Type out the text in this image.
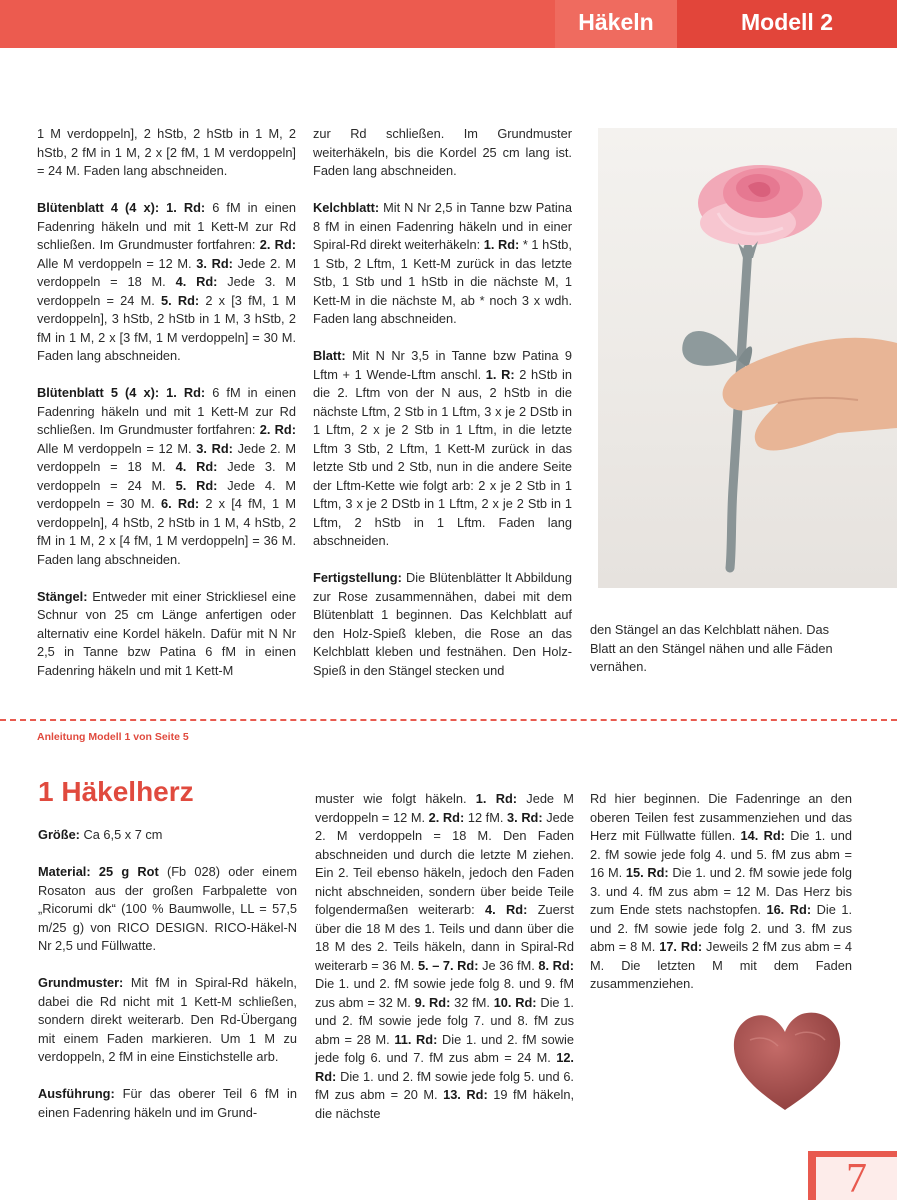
Häkeln	Modell 2

1 M verdoppeln], 2 hStb, 2 hStb in 1 M, 2 hStb, 2 fM in 1 M, 2 x [2 fM, 1 M verdoppeln] = 24 M. Faden lang abschneiden.

Blütenblatt 4 (4 x): 1. Rd: 6 fM in einen Fadenring häkeln und mit 1 Kett-M zur Rd schließen. Im Grundmuster fortfahren: 2. Rd: Alle M verdoppeln = 12 M. 3. Rd: Jede 2. M verdoppeln = 18 M. 4. Rd: Jede 3. M verdoppeln = 24 M. 5. Rd: 2 x [3 fM, 1 M verdoppeln], 3 hStb, 2 hStb in 1 M, 3 hStb, 2 fM in 1 M, 2 x [3 fM, 1 M verdoppeln] = 30 M. Faden lang abschneiden.

Blütenblatt 5 (4 x): 1. Rd: 6 fM in einen Fadenring häkeln und mit 1 Kett-M zur Rd schließen. Im Grundmuster fortfahren: 2. Rd: Alle M verdoppeln = 12 M. 3. Rd: Jede 2. M verdoppeln = 18 M. 4. Rd: Jede 3. M verdoppeln = 24 M. 5. Rd: Jede 4. M verdoppeln = 30 M. 6. Rd: 2 x [4 fM, 1 M verdoppeln], 4 hStb, 2 hStb in 1 M, 4 hStb, 2 fM in 1 M, 2 x [4 fM, 1 M verdoppeln] = 36 M. Faden lang abschneiden.

Stängel: Entweder mit einer Strickliesel eine Schnur von 25 cm Länge anfertigen oder alternativ eine Kordel häkeln. Dafür mit N Nr 2,5 in Tanne bzw Patina 6 fM in einen Fadenring häkeln und mit 1 Kett-M

zur Rd schließen. Im Grundmuster weiterhäkeln, bis die Kordel 25 cm lang ist. Faden lang abschneiden.

Kelchblatt: Mit N Nr 2,5 in Tanne bzw Patina 8 fM in einen Fadenring häkeln und in einer Spiral-Rd direkt weiterhäkeln: 1. Rd: * 1 hStb, 1 Stb, 2 Lftm, 1 Kett-M zurück in das letzte Stb, 1 Stb und 1 hStb in die nächste M, 1 Kett-M in die nächste M, ab * noch 3 x wdh. Faden lang abschneiden.

Blatt: Mit N Nr 3,5 in Tanne bzw Patina 9 Lftm + 1 Wende-Lftm anschl. 1. R: 2 hStb in die 2. Lftm von der N aus, 2 hStb in die nächste Lftm, 2 Stb in 1 Lftm, 3 x je 2 DStb in 1 Lftm, 2 x je 2 Stb in 1 Lftm, in die letzte Lftm 3 Stb, 2 Lftm, 1 Kett-M zurück in das letzte Stb und 2 Stb, nun in die andere Seite der Lftm-Kette wie folgt arb: 2 x je 2 Stb in 1 Lftm, 3 x je 2 DStb in 1 Lftm, 2 x je 2 Stb in 1 Lftm, 2 hStb in 1 Lftm. Faden lang abschneiden.

Fertigstellung: Die Blütenblätter lt Abbildung zur Rose zusammennähen, dabei mit dem Blütenblatt 1 beginnen. Das Kelchblatt auf den Holz-Spieß kleben, die Rose an das Kelchblatt kleben und festnähen. Den Holz-Spieß in den Stängel stecken und

den Stängel an das Kelchblatt nähen. Das Blatt an den Stängel nähen und alle Fäden vernähen.

Anleitung Modell 1 von Seite 5
1 Häkelherz

Größe: Ca 6,5 x 7 cm

Material: 25 g Rot (Fb 028) oder einem Rosaton aus der großen Farbpalette von „Ricorumi dk“ (100 % Baumwolle, LL = 57,5 m/25 g) von RICO DESIGN. RICO-Häkel-N Nr 2,5 und Füllwatte.

Grundmuster: Mit fM in Spiral-Rd häkeln, dabei die Rd nicht mit 1 Kett-M schließen, sondern direkt weiterarb. Den Rd-Übergang mit einem Faden markieren. Um 1 M zu verdoppeln, 2 fM in eine Einstichstelle arb.

Ausführung: Für das oberer Teil 6 fM in einen Fadenring häkeln und im Grund-

muster wie folgt häkeln. 1. Rd: Jede M verdoppeln = 12 M. 2. Rd: 12 fM. 3. Rd: Jede 2. M verdoppeln = 18 M. Den Faden abschneiden und durch die letzte M ziehen. Ein 2. Teil ebenso häkeln, jedoch den Faden nicht abschneiden, sondern über beide Teile folgendermaßen weiterarb: 4. Rd: Zuerst über die 18 M des 1. Teils und dann über die 18 M des 2. Teils häkeln, dann in Spiral-Rd weiterarb = 36 M. 5. – 7. Rd: Je 36 fM. 8. Rd: Die 1. und 2. fM sowie jede folg 8. und 9. fM zus abm = 32 M. 9. Rd: 32 fM. 10. Rd: Die 1. und 2. fM sowie jede folg 7. und 8. fM zus abm = 28 M. 11. Rd: Die 1. und 2. fM sowie jede folg 6. und 7. fM zus abm = 24 M. 12. Rd: Die 1. und 2. fM sowie jede folg 5. und 6. fM zus abm = 20 M. 13. Rd: 19 fM häkeln, die nächste

Rd hier beginnen. Die Fadenringe an den oberen Teilen fest zusammenziehen und das Herz mit Füllwatte füllen. 14. Rd: Die 1. und 2. fM sowie jede folg 4. und 5. fM zus abm = 16 M. 15. Rd: Die 1. und 2. fM sowie jede folg 3. und 4. fM zus abm = 12 M. Das Herz bis zum Ende stets nachstopfen. 16. Rd: Die 1. und 2. fM sowie jede folg 2. und 3. fM zus abm = 8 M. 17. Rd: Jeweils 2 fM zus abm = 4 M. Die letzten M mit dem Faden zusammenziehen.

7
